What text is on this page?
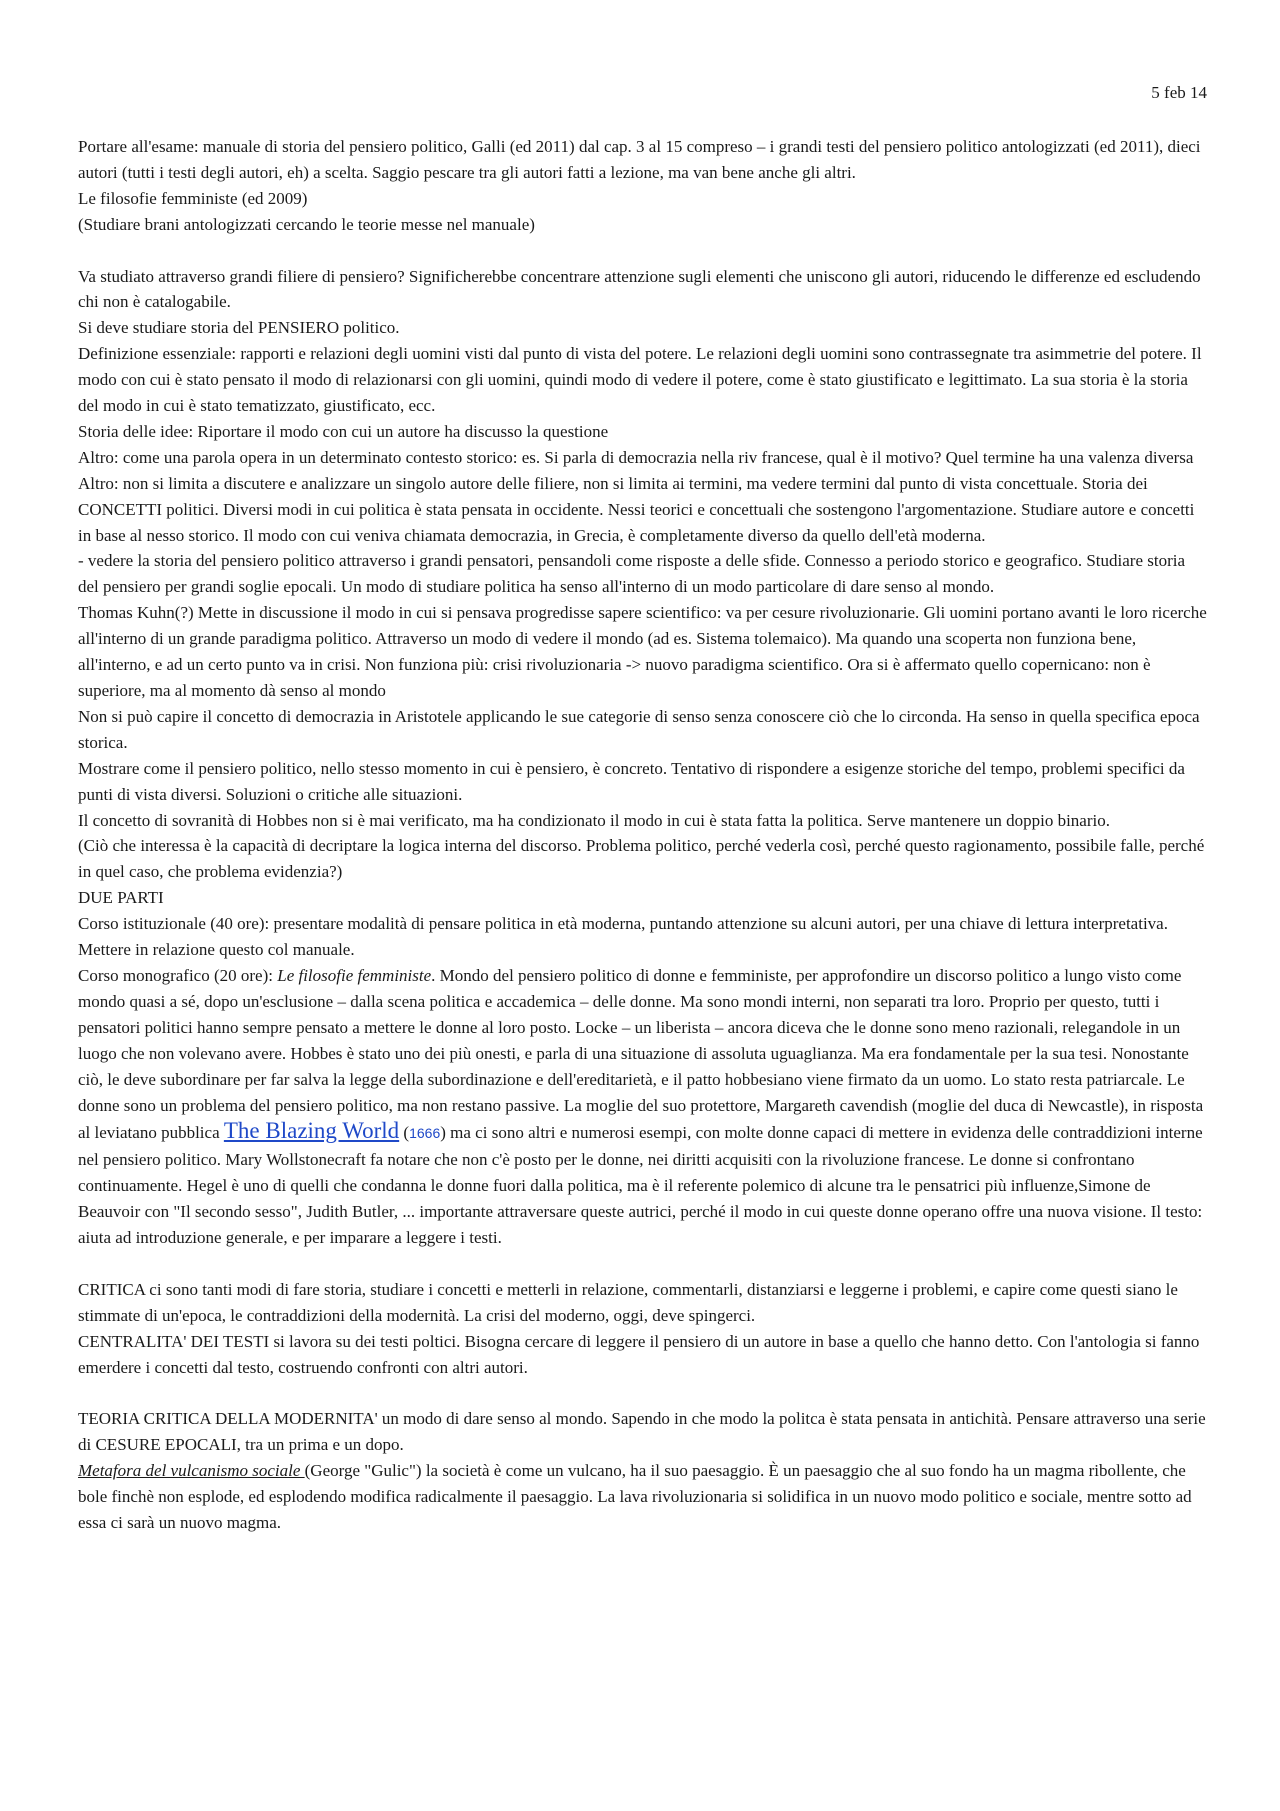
5 feb 14

Portare all'esame: manuale di storia del pensiero politico, Galli (ed 2011) dal cap. 3 al 15 compreso – i grandi testi del pensiero politico antologizzati (ed 2011), dieci autori (tutti i testi degli autori, eh) a scelta. Saggio pescare tra gli autori fatti a lezione, ma van bene anche gli altri.

Le filosofie femministe (ed 2009)

(Studiare brani antologizzati cercando le teorie messe nel manuale)

Va studiato attraverso grandi filiere di pensiero? Significherebbe concentrare attenzione sugli elementi che uniscono gli autori, riducendo le differenze ed escludendo chi non è catalogabile.

Si deve studiare storia del PENSIERO politico.

Definizione essenziale: rapporti e relazioni degli uomini visti dal punto di vista del potere. Le relazioni degli uomini sono contrassegnate tra asimmetrie del potere. Il modo con cui è stato pensato il modo di relazionarsi con gli uomini, quindi modo di vedere il potere, come è stato giustificato e legittimato. La sua storia è la storia del modo in cui è stato tematizzato, giustificato, ecc.

Storia delle idee: Riportare il modo con cui un autore ha discusso la questione

Altro: come una parola opera in un determinato contesto storico: es. Si parla di democrazia nella riv francese, qual è il motivo? Quel termine ha una valenza diversa

Altro: non si limita a discutere e analizzare un singolo autore delle filiere, non si limita ai termini, ma vedere termini dal punto di vista concettuale. Storia dei CONCETTI politici. Diversi modi in cui politica è stata pensata in occidente. Nessi teorici e concettuali che sostengono l'argomentazione. Studiare autore e concetti in base al nesso storico. Il modo con cui veniva chiamata democrazia, in Grecia, è completamente diverso da quello dell'età moderna.

- vedere la storia del pensiero politico attraverso i grandi pensatori, pensandoli come risposte a delle sfide. Connesso a periodo storico e geografico. Studiare storia del pensiero per grandi soglie epocali. Un modo di studiare politica ha senso all'interno di un modo particolare di dare senso al mondo.

Thomas Kuhn(?) Mette in discussione il modo in cui si pensava progredisse sapere scientifico: va per cesure rivoluzionarie. Gli uomini portano avanti le loro ricerche all'interno di un grande paradigma politico. Attraverso un modo di vedere il mondo (ad es. Sistema tolemaico). Ma quando una scoperta non funziona bene, all'interno, e ad un certo punto va in crisi. Non funziona più: crisi rivoluzionaria -> nuovo paradigma scientifico. Ora si è affermato quello copernicano: non è superiore, ma al momento dà senso al mondo

Non si può capire il concetto di democrazia in Aristotele applicando le sue categorie di senso senza conoscere ciò che lo circonda. Ha senso in quella specifica epoca storica.

Mostrare come il pensiero politico, nello stesso momento in cui è pensiero, è concreto. Tentativo di rispondere a esigenze storiche del tempo, problemi specifici da punti di vista diversi. Soluzioni o critiche alle situazioni.

Il concetto di sovranità di Hobbes non si è mai verificato, ma ha condizionato il modo in cui è stata fatta la politica. Serve mantenere un doppio binario.

(Ciò che interessa è la capacità di decriptare la logica interna del discorso. Problema politico, perché vederla così, perché questo ragionamento, possibile falle, perché in quel caso, che problema evidenzia?)

DUE PARTI

Corso istituzionale (40 ore): presentare modalità di pensare politica in età moderna, puntando attenzione su alcuni autori, per una chiave di lettura interpretativa. Mettere in relazione questo col manuale.

Corso monografico (20 ore): Le filosofie femministe. Mondo del pensiero politico di donne e femministe, per approfondire un discorso politico a lungo visto come mondo quasi a sé, dopo un'esclusione – dalla scena politica e accademica – delle donne. Ma sono mondi interni, non separati tra loro. Proprio per questo, tutti i pensatori politici hanno sempre pensato a mettere le donne al loro posto. Locke – un liberista – ancora diceva che le donne sono meno razionali, relegandole in un luogo che non volevano avere. Hobbes è stato uno dei più onesti, e parla di una situazione di assoluta uguaglianza. Ma era fondamentale per la sua tesi. Nonostante ciò, le deve subordinare per far salva la legge della subordinazione e dell'ereditarietà, e il patto hobbesiano viene firmato da un uomo. Lo stato resta patriarcale. Le donne sono un problema del pensiero politico, ma non restano passive. La moglie del suo protettore, Margareth cavendish (moglie del duca di Newcastle), in risposta al leviatano pubblica The Blazing World (1666) ma ci sono altri e numerosi esempi, con molte donne capaci di mettere in evidenza delle contraddizioni interne nel pensiero politico. Mary Wollstonecraft fa notare che non c'è posto per le donne, nei diritti acquisiti con la rivoluzione francese. Le donne si confrontano continuamente. Hegel è uno di quelli che condanna le donne fuori dalla politica, ma è il referente polemico di alcune tra le pensatrici più influenze,Simone de Beauvoir con "Il secondo sesso", Judith Butler, ... importante attraversare queste autrici, perché il modo in cui queste donne operano offre una nuova visione. Il testo: aiuta ad introduzione generale, e per imparare a leggere i testi.

CRITICA ci sono tanti modi di fare storia, studiare i concetti e metterli in relazione, commentarli, distanziarsi e leggerne i problemi, e capire come questi siano le stimmate di un'epoca, le contraddizioni della modernità. La crisi del moderno, oggi, deve spingerci.

CENTRALITA' DEI TESTI si lavora su dei testi poltici. Bisogna cercare di leggere il pensiero di un autore in base a quello che hanno detto. Con l'antologia si fanno emerdere i concetti dal testo, costruendo confronti con altri autori.

TEORIA CRITICA DELLA MODERNITA' un modo di dare senso al mondo. Sapendo in che modo la politca è stata pensata in antichità. Pensare attraverso una serie di CESURE EPOCALI, tra un prima e un dopo.

Metafora del vulcanismo sociale (George "Gulic") la società è come un vulcano, ha il suo paesaggio. È un paesaggio che al suo fondo ha un magma ribollente, che bole finchè non esplode, ed esplodendo modifica radicalmente il paesaggio. La lava rivoluzionaria si solidifica in un nuovo modo politico e sociale, mentre sotto ad essa ci sarà un nuovo magma.
